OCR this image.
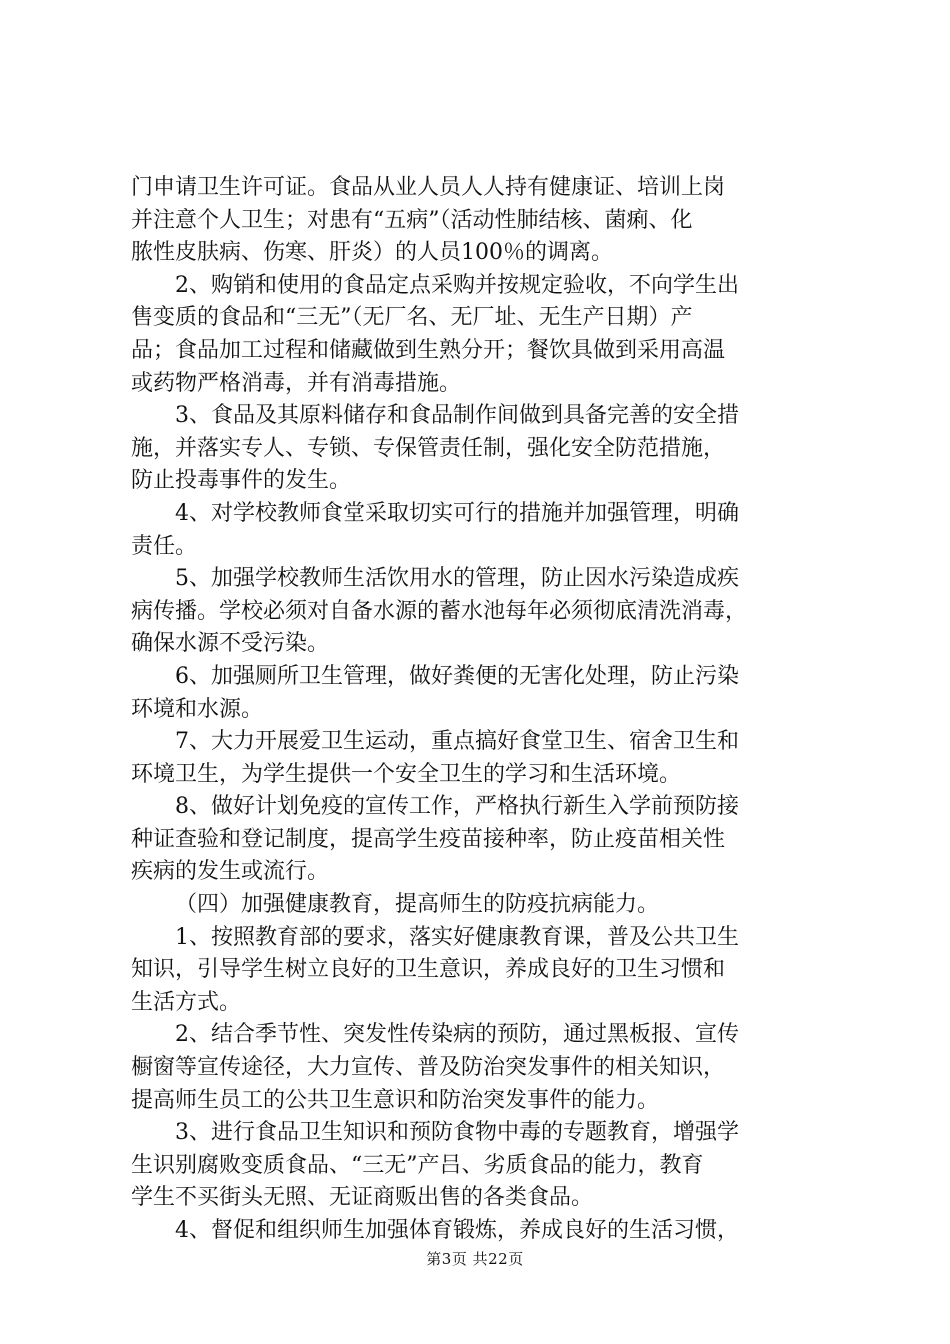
门申请卫生许可证。食品从业人员人人持有健康证、培训上岗
并注意个人卫生；对患有“五病”（活动性肺结核、菌痢、化
脓性皮肤病、伤寒、肝炎）的人员100％的调离。
2、购销和使用的食品定点采购并按规定验收，不向学生出
售变质的食品和“三无”（无厂名、无厂址、无生产日期）产
品；食品加工过程和储藏做到生熟分开；餐饮具做到采用高温
或药物严格消毒，并有消毒措施。
3、食品及其原料储存和食品制作间做到具备完善的安全措
施，并落实专人、专锁、专保管责任制，强化安全防范措施，
防止投毒事件的发生。
4、对学校教师食堂采取切实可行的措施并加强管理，明确
责任。
5、加强学校教师生活饮用水的管理，防止因水污染造成疾
病传播。学校必须对自备水源的蓄水池每年必须彻底清洗消毒，
确保水源不受污染。
6、加强厕所卫生管理，做好粪便的无害化处理，防止污染
环境和水源。
7、大力开展爱卫生运动，重点搞好食堂卫生、宿舍卫生和
环境卫生，为学生提供一个安全卫生的学习和生活环境。
8、做好计划免疫的宣传工作，严格执行新生入学前预防接
种证查验和登记制度，提高学生疫苗接种率，防止疫苗相关性
疾病的发生或流行。
（四）加强健康教育，提高师生的防疫抗病能力。
1、按照教育部的要求，落实好健康教育课，普及公共卫生
知识，引导学生树立良好的卫生意识，养成良好的卫生习惯和
生活方式。
2、结合季节性、突发性传染病的预防，通过黑板报、宣传
橱窗等宣传途径，大力宣传、普及防治突发事件的相关知识，
提高师生员工的公共卫生意识和防治突发事件的能力。
3、进行食品卫生知识和预防食物中毒的专题教育，增强学
生识别腐败变质食品、“三无”产吕、劣质食品的能力，教育
学生不买街头无照、无证商贩出售的各类食品。
4、督促和组织师生加强体育锻炼，养成良好的生活习惯，
第3页 共22页
